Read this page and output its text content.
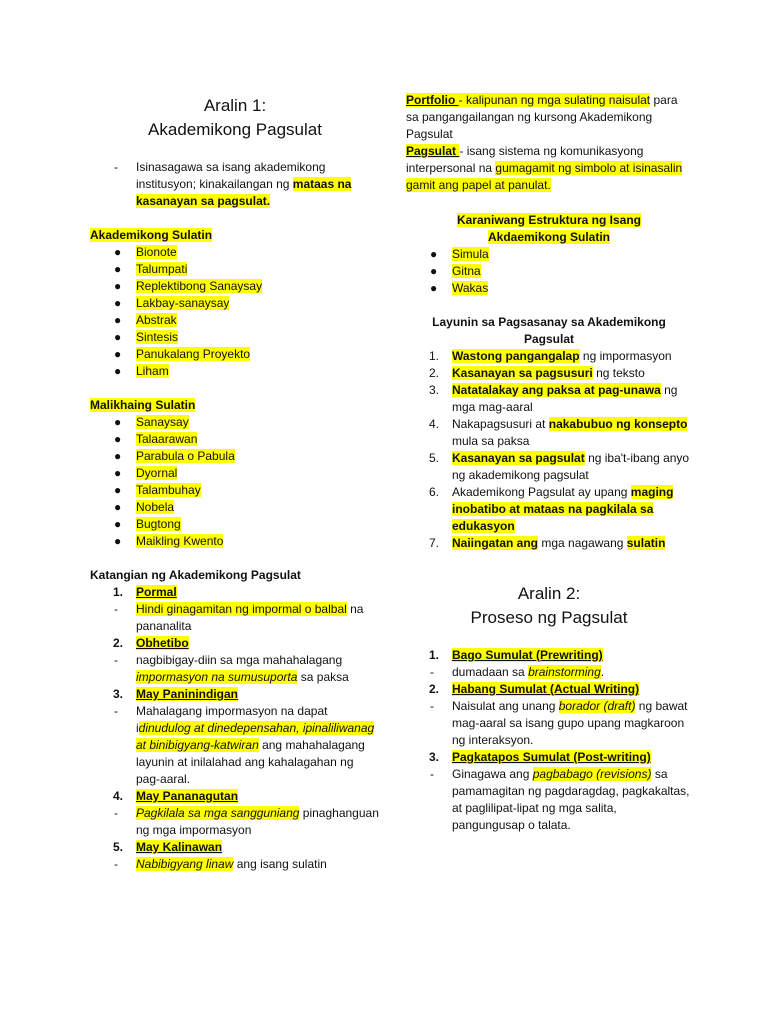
Aralin 1:
Akademikong Pagsulat
- Isinasagawa sa isang akademikong institusyon; kinakailangan ng mataas na kasanayan sa pagsulat.
Akademikong Sulatin
● Bionote
● Talumpati
● Replektibong Sanaysay
● Lakbay-sanaysay
● Abstrak
● Sintesis
● Panukalang Proyekto
● Liham
Malikhaing Sulatin
● Sanaysay
● Talaarawan
● Parabula o Pabula
● Dyornal
● Talambuhay
● Nobela
● Bugtong
● Maikling Kwento
Katangian ng Akademikong Pagsulat
1. Pormal
- Hindi ginagamitan ng impormal o balbal na pananalita
2. Obhetibo
- nagbibigay-diin sa mga mahahalagang impormasyon na sumusuporta sa paksa
3. May Paninindigan
- Mahalagang impormasyon na dapat idinudulog at dinedepensahan, ipinaliliwanag at binibigyang-katwiran ang mahahalagang layunin at inilalahad ang kahalagahan ng pag-aaral.
4. May Pananagutan
- Pagkilala sa mga sangguniang pinaghanguan ng mga impormasyon
5. May Kalinawan
- Nabibigyang linaw ang isang sulatin
Portfolio - kalipunan ng mga sulating naisulat para sa pangangailangan ng kursong Akademikong Pagsulat
Pagsulat - isang sistema ng komunikasyong interpersonal na gumagamit ng simbolo at isinasalin gamit ang papel at panulat.
Karaniwang Estruktura ng Isang Akdaemikong Sulatin
● Simula
● Gitna
● Wakas
Layunin sa Pagsasanay sa Akademikong Pagsulat
1. Wastong pangangalap ng impormasyon
2. Kasanayan sa pagsusuri ng teksto
3. Natatalakay ang paksa at pag-unawa ng mga mag-aaral
4. Nakapagsusuri at nakabubuo ng konsepto mula sa paksa
5. Kasanayan sa pagsulat ng iba't-ibang anyo ng akademikong pagsulat
6. Akademikong Pagsulat ay upang maging inobatibo at mataas na pagkilala sa edukasyon
7. Naiingatan ang mga nagawang sulatin
Aralin 2:
Proseso ng Pagsulat
1. Bago Sumulat (Prewriting)
- dumadaan sa brainstorming.
2. Habang Sumulat (Actual Writing)
- Naisulat ang unang borador (draft) ng bawat mag-aaral sa isang gupo upang magkaroon ng interaksyon.
3. Pagkatapos Sumulat (Post-writing)
- Ginagawa ang pagbabago (revisions) sa pamamagitan ng pagdaragdag, pagkakaltas, at paglilipat-lipat ng mga salita, pangungusap o talata.
